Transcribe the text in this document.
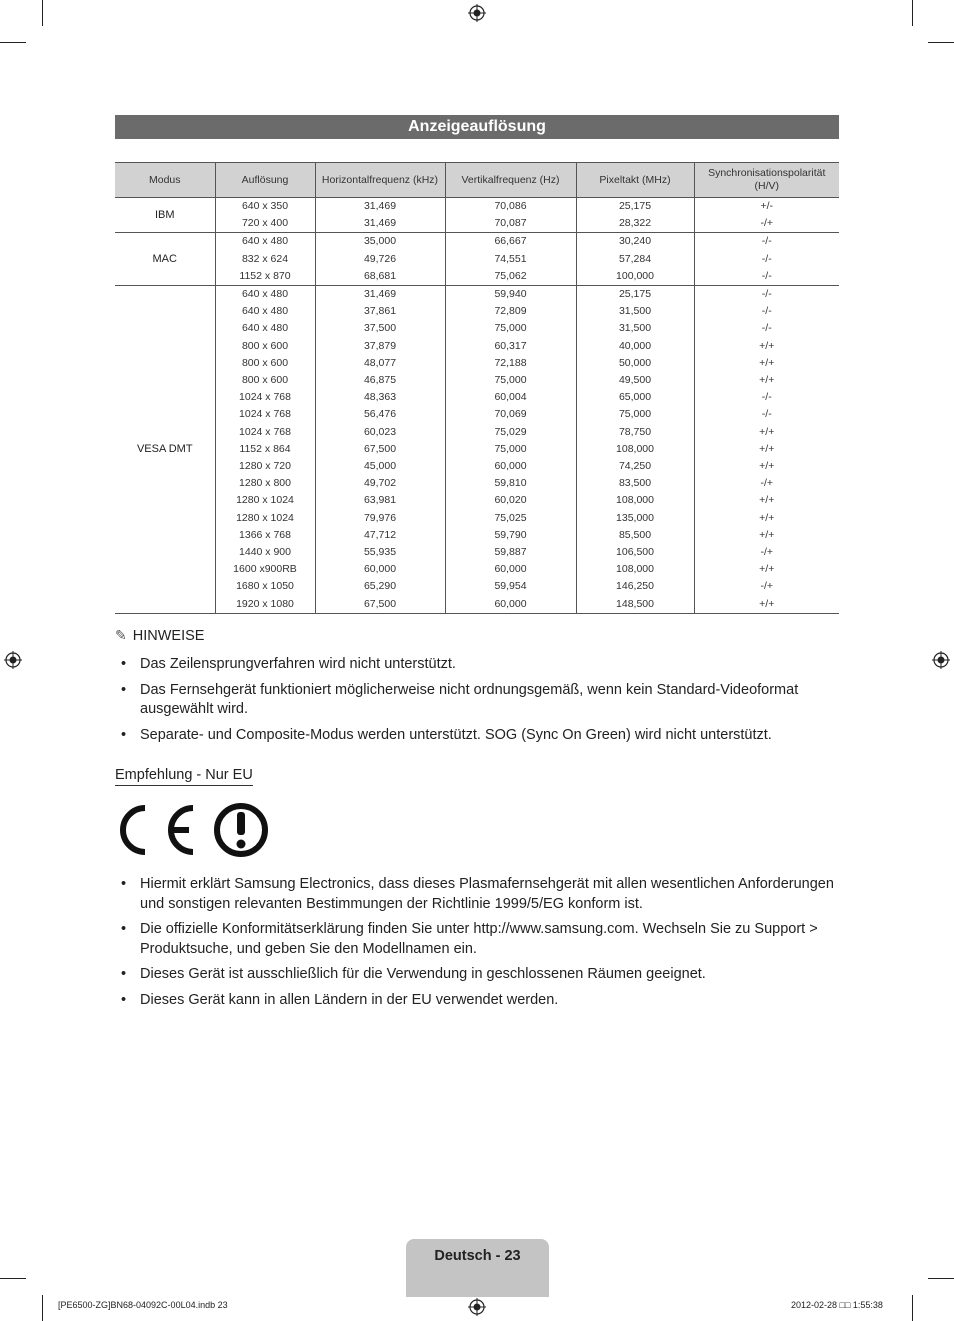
Anzeigeauflösung
Modus	Auflösung	Horizontalfrequenz (kHz)	Vertikalfrequenz (Hz)	Pixeltakt (MHz)	Synchronisationspolarität (H/V)
IBM	640 x 350	31,469	70,086	25,175	+/-
	720 x 400	31,469	70,087	28,322	-/+
MAC	640 x 480	35,000	66,667	30,240	-/-
	832 x 624	49,726	74,551	57,284	-/-
	1152 x 870	68,681	75,062	100,000	-/-
VESA DMT	640 x 480	31,469	59,940	25,175	-/-
	640 x 480	37,861	72,809	31,500	-/-
	640 x 480	37,500	75,000	31,500	-/-
	800 x 600	37,879	60,317	40,000	+/+
	800 x 600	48,077	72,188	50,000	+/+
	800 x 600	46,875	75,000	49,500	+/+
	1024 x 768	48,363	60,004	65,000	-/-
	1024 x 768	56,476	70,069	75,000	-/-
	1024 x 768	60,023	75,029	78,750	+/+
	1152 x 864	67,500	75,000	108,000	+/+
	1280 x 720	45,000	60,000	74,250	+/+
	1280 x 800	49,702	59,810	83,500	-/+
	1280 x 1024	63,981	60,020	108,000	+/+
	1280 x 1024	79,976	75,025	135,000	+/+
	1366 x 768	47,712	59,790	85,500	+/+
	1440 x 900	55,935	59,887	106,500	-/+
	1600 x900RB	60,000	60,000	108,000	+/+
	1680 x 1050	65,290	59,954	146,250	-/+
	1920 x 1080	67,500	60,000	148,500	+/+
✎ HINWEISE
• Das Zeilensprungverfahren wird nicht unterstützt.
• Das Fernsehgerät funktioniert möglicherweise nicht ordnungsgemäß, wenn kein Standard-Videoformat ausgewählt wird.
• Separate- und Composite-Modus werden unterstützt. SOG (Sync On Green) wird nicht unterstützt.
Empfehlung - Nur EU
• Hiermit erklärt Samsung Electronics, dass dieses Plasmafernsehgerät mit allen wesentlichen Anforderungen und sonstigen relevanten Bestimmungen der Richtlinie 1999/5/EG konform ist.
• Die offizielle Konformitätserklärung finden Sie unter http://www.samsung.com. Wechseln Sie zu Support > Produktsuche, und geben Sie den Modellnamen ein.
• Dieses Gerät ist ausschließlich für die Verwendung in geschlossenen Räumen geeignet.
• Dieses Gerät kann in allen Ländern in der EU verwendet werden.
Deutsch - 23
[PE6500-ZG]BN68-04092C-00L04.indb 23	2012-02-28 □□ 1:55:38
